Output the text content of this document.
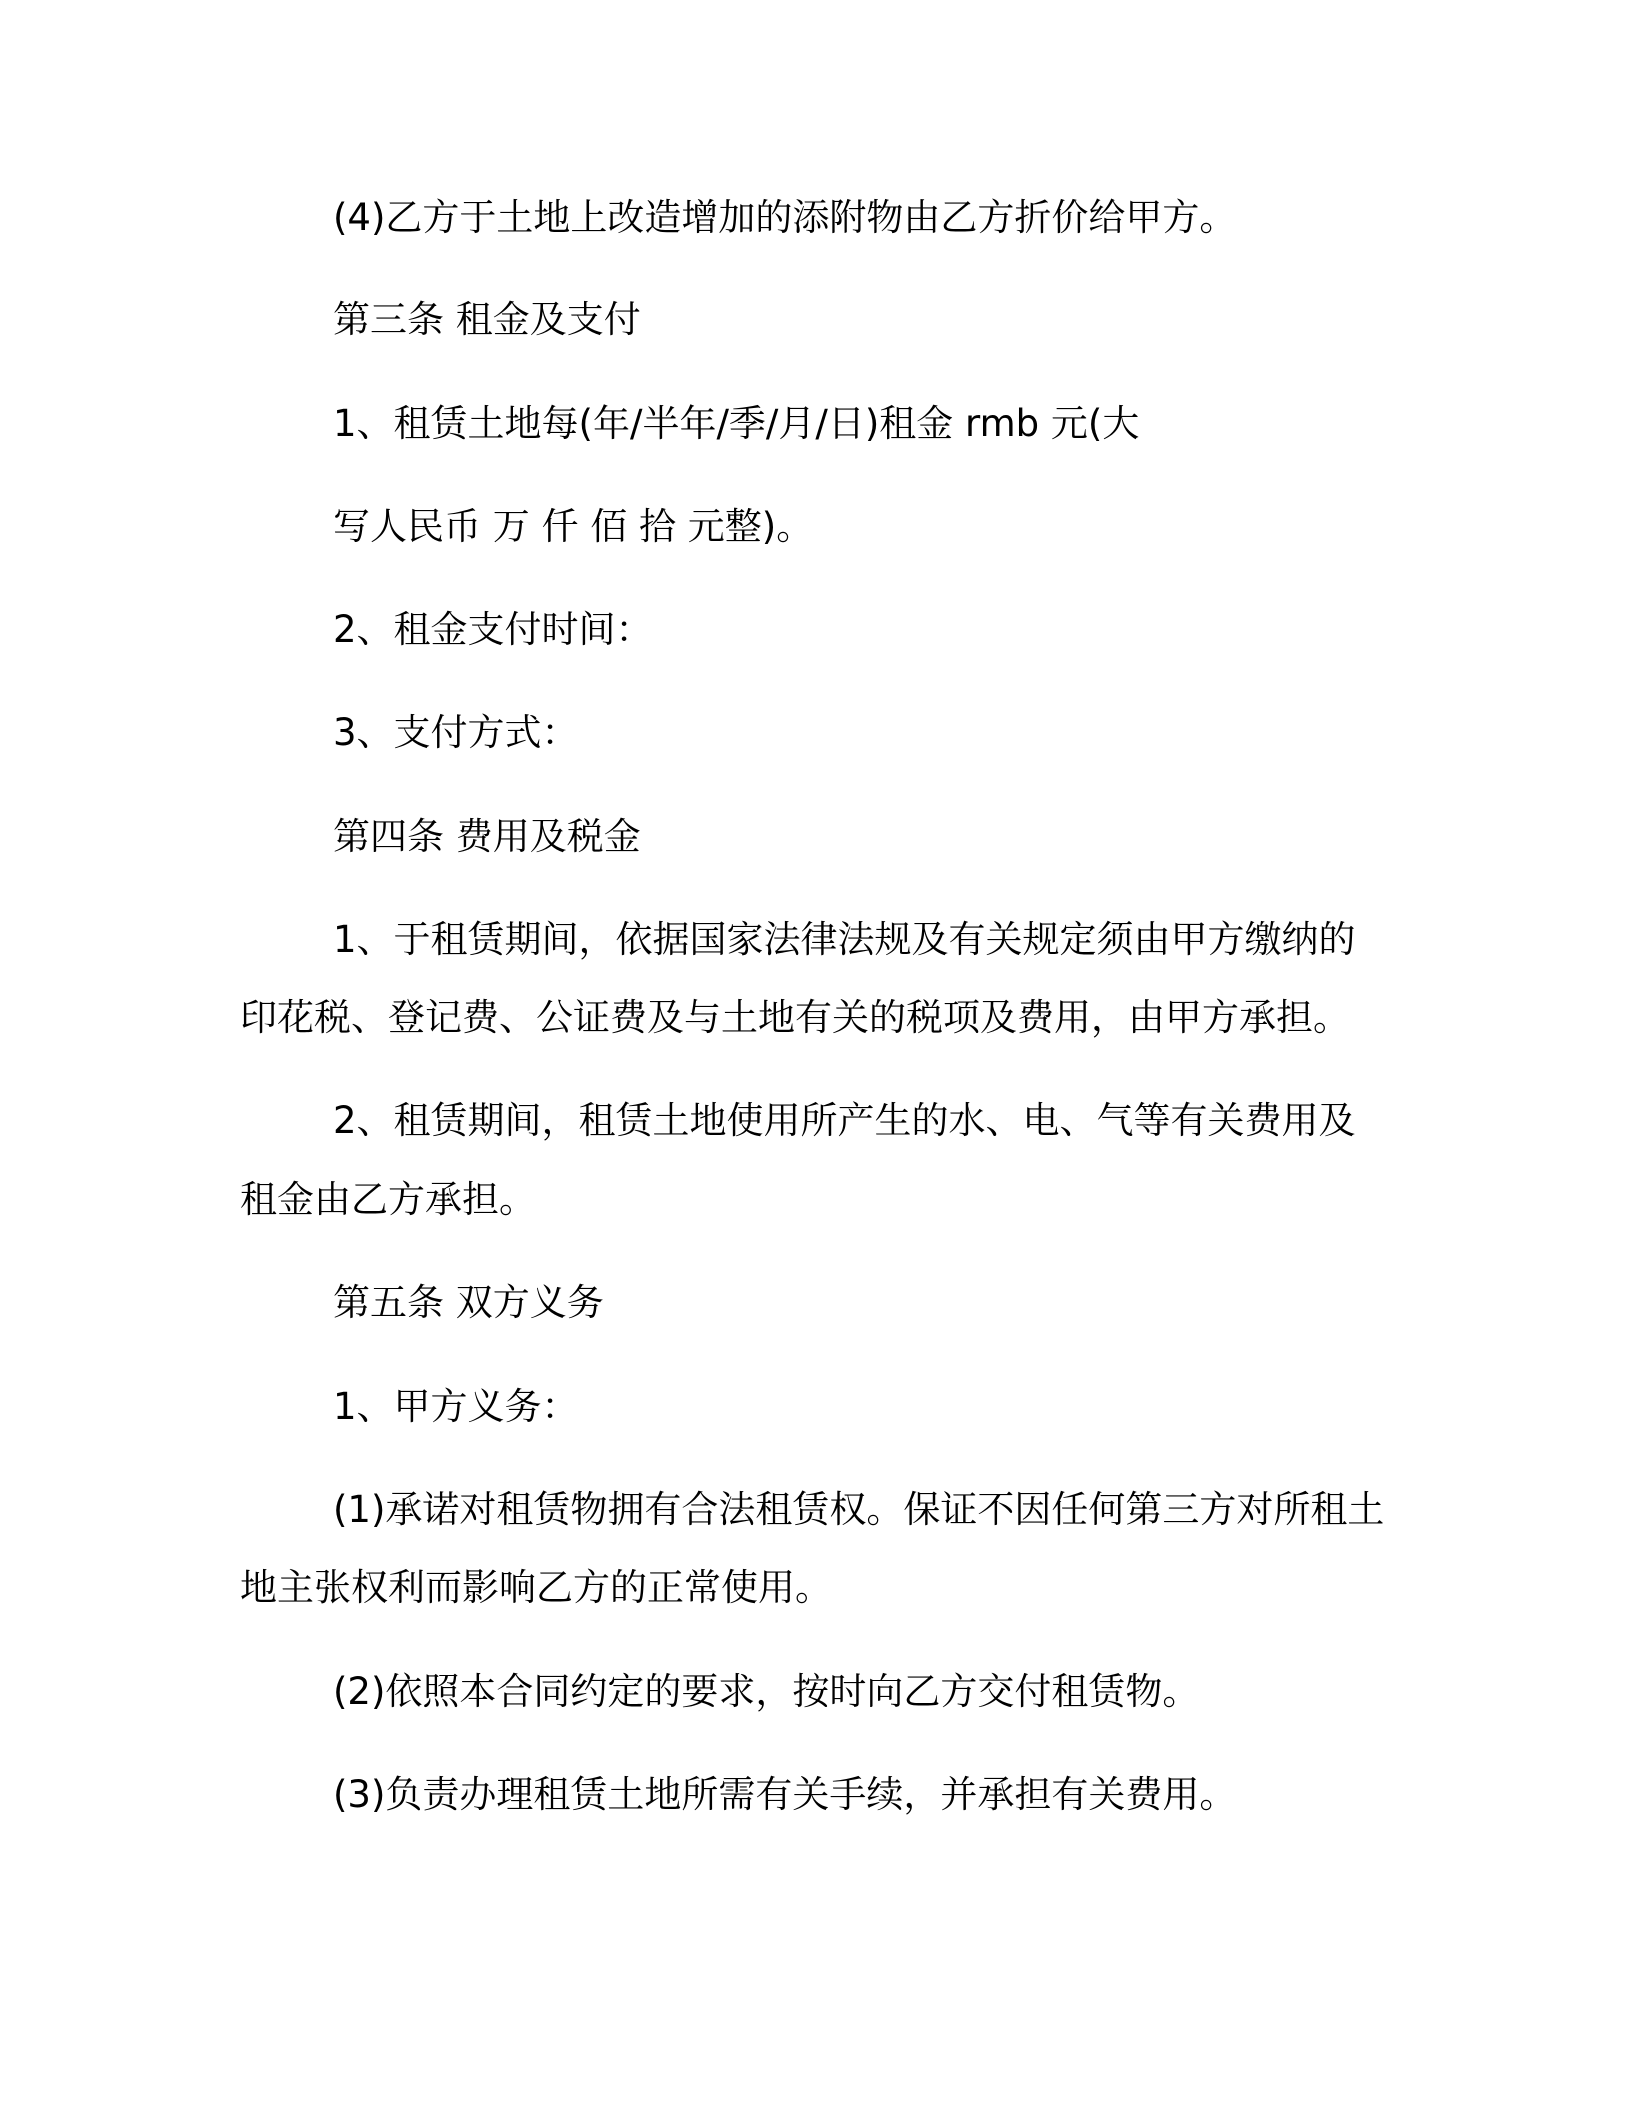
(4)乙方于土地上改造增加的添附物由乙方折价给甲方。
第三条 租金及支付
1、租赁土地每(年/半年/季/月/日)租金 rmb 元(大
写人民币 万 仟 佰 拾 元整)。
2、租金支付时间：
3、支付方式：
第四条 费用及税金
1、于租赁期间，依据国家法律法规及有关规定须由甲方缴纳的
印花税、登记费、公证费及与土地有关的税项及费用，由甲方承担。
2、租赁期间，租赁土地使用所产生的水、电、气等有关费用及
租金由乙方承担。
第五条 双方义务
1、甲方义务：
(1)承诺对租赁物拥有合法租赁权。保证不因任何第三方对所租土
地主张权利而影响乙方的正常使用。
(2)依照本合同约定的要求，按时向乙方交付租赁物。
(3)负责办理租赁土地所需有关手续，并承担有关费用。
